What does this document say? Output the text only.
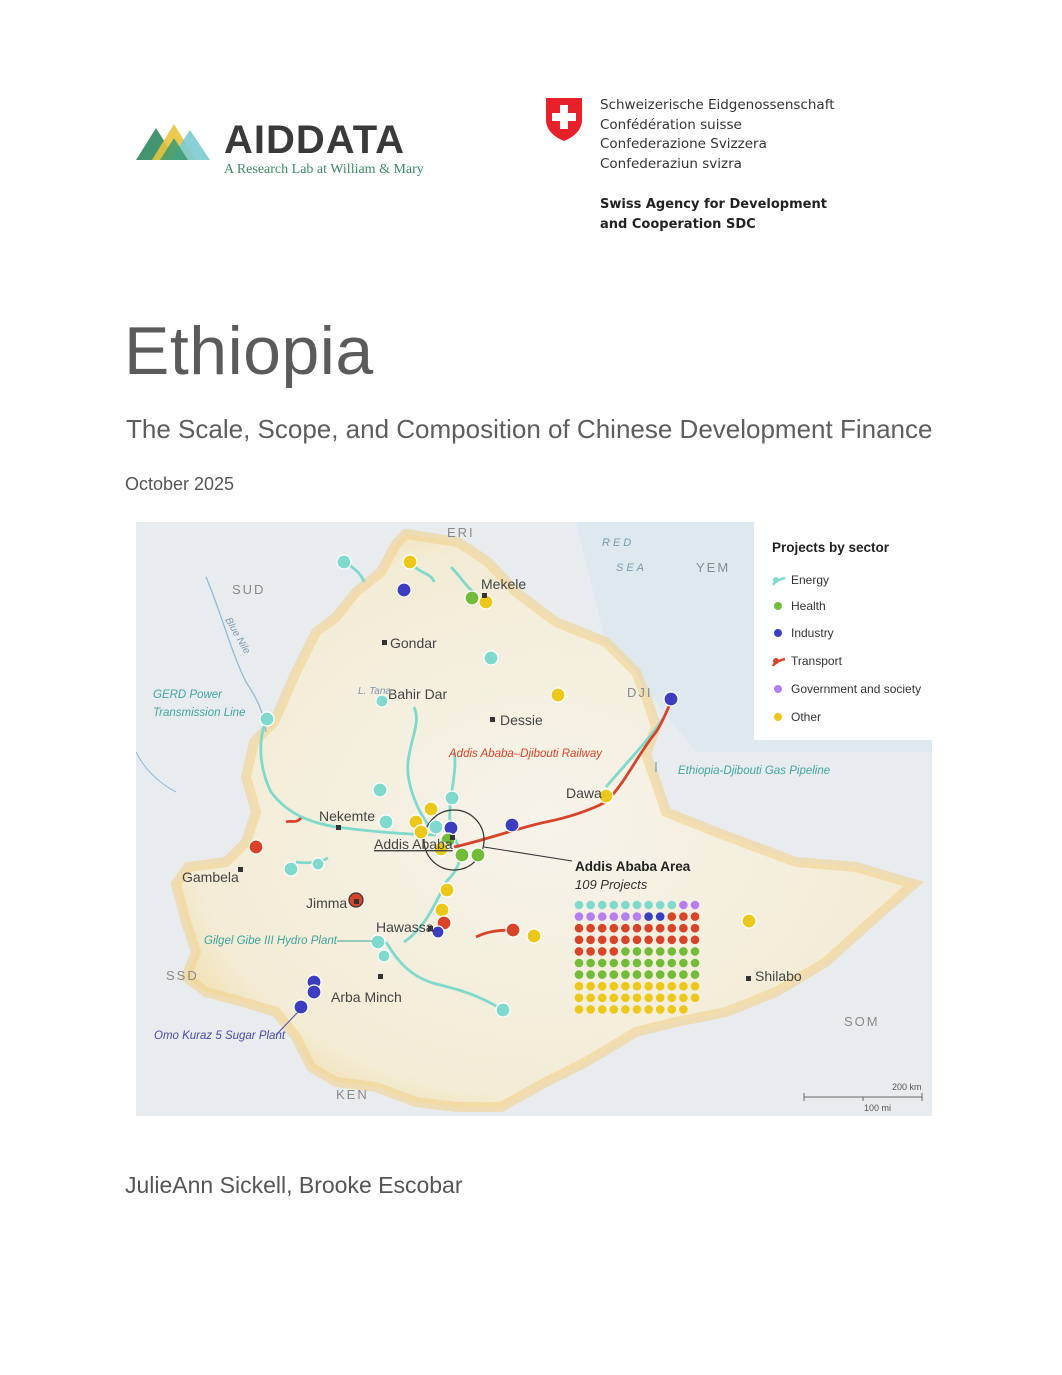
AIDDATA
A Research Lab at William & Mary
Schweizerische Eidgenossenschaft
Confédération suisse
Confederazione Svizzera
Confederaziun svizra
Swiss Agency for Development
and Cooperation SDC
Ethiopia
The Scale, Scope, and Composition of Chinese Development Finance
October 2025
ERI
SUD
YEM
DJI
SSD
SOM
KEN
RED
SEA
Mekele
Gondar
Bahir Dar
Dessie
Nekemte
Addis Ababa
Dawa
Gambela
Jimma
Hawassa
Arba Minch
Shilabo
L. Tana
Blue Nile
GERD Power
Transmission Line
Addis Ababa–Djibouti Railway
Ethiopia-Djibouti Gas Pipeline
Gilgel Gibe III Hydro Plant
Omo Kuraz 5 Sugar Plant
Addis Ababa Area
109 Projects
200 km
100 mi
Projects by sector
Energy
Health
Industry
Transport
Government and society
Other
JulieAnn Sickell, Brooke Escobar
